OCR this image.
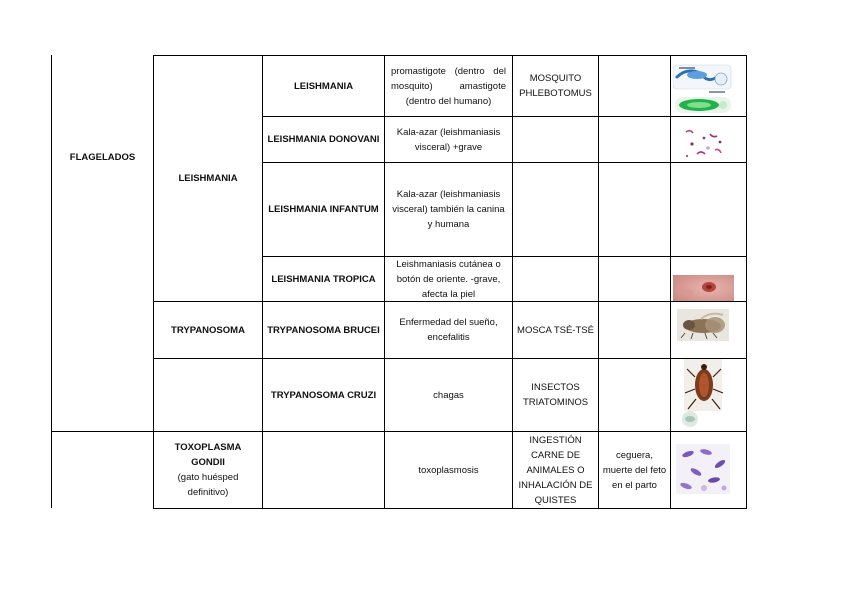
FLAGELADOS
LEISHMANIA
TRYPANOSOMA
TOXOPLASMA GONDII
(gato huésped definitivo)
LEISHMANIA
LEISHMANIA DONOVANI
LEISHMANIA INFANTUM
LEISHMANIA TROPICA
TRYPANOSOMA BRUCEI
TRYPANOSOMA CRUZI
promastigote (dentro del mosquito) amastigote (dentro del humano)
Kala-azar (leishmaniasis visceral) +grave
Kala-azar (leishmaniasis visceral) también la canina y humana
Leishmaniasis cutánea o botón de oriente. -grave, afecta la piel
Enfermedad del sueño, encefalitis
chagas
toxoplasmosis
MOSQUITO PHLEBOTOMUS
MOSCA TSÉ-TSÉ
INSECTOS TRIATOMINOS
INGESTIÓN CARNE DE ANIMALES O INHALACIÓN DE QUISTES
ceguera, muerte del feto en el parto
